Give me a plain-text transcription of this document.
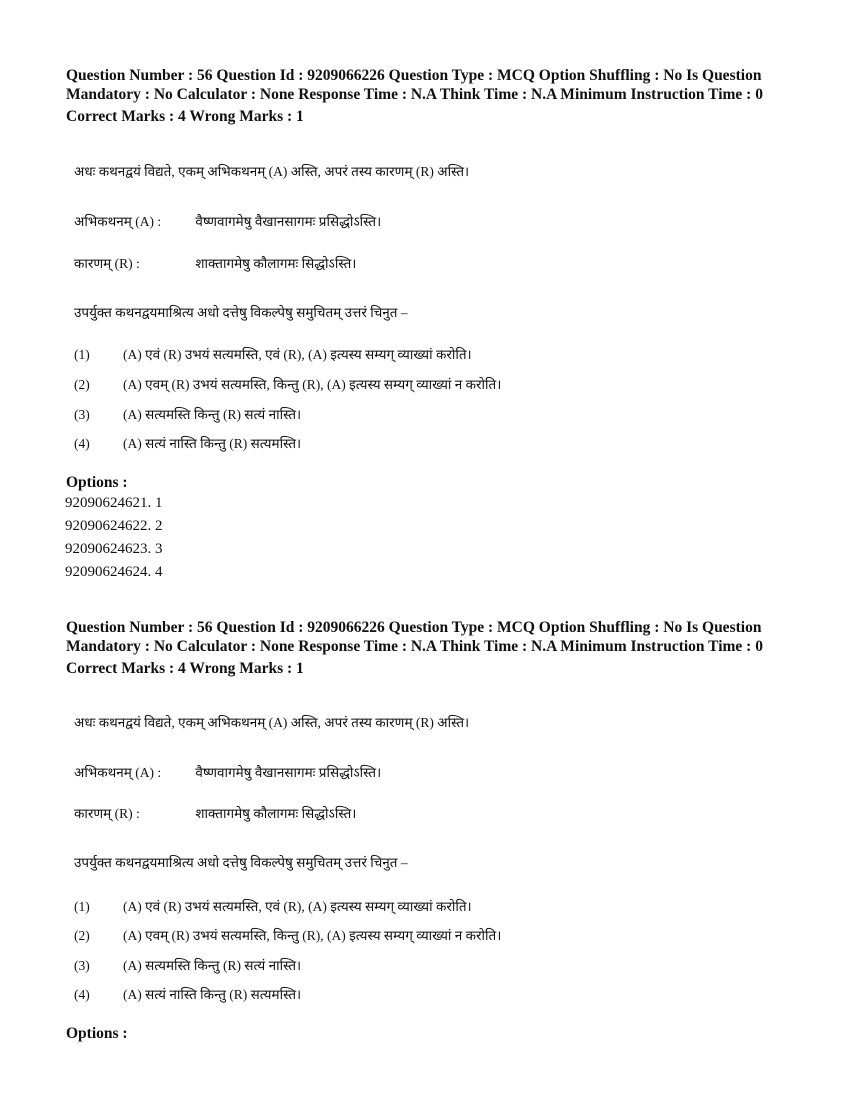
Question Number : 56 Question Id : 9209066226 Question Type : MCQ Option Shuffling : No Is Question Mandatory : No Calculator : None Response Time : N.A Think Time : N.A Minimum Instruction Time : 0

Correct Marks : 4 Wrong Marks : 1
अधः कथनद्वयं विद्यते, एकम् अभिकथनम् (A) अस्ति, अपरं तस्य कारणम् (R) अस्ति।
अभिकथनम् (A) :	वैष्णवागमेषु वैखानसागमः प्रसिद्धोऽस्ति।
कारणम् (R) :	शाक्तागमेषु कौलागमः सिद्धोऽस्ति।
उपर्युक्त कथनद्वयमाश्रित्य अधो दत्तेषु विकल्पेषु समुचितम् उत्तरं चिनुत –
(1) (A) एवं (R) उभयं सत्यमस्ति, एवं (R), (A) इत्यस्य सम्यग् व्याख्यां करोति।
(2) (A) एवम् (R) उभयं सत्यमस्ति, किन्तु (R), (A) इत्यस्य सम्यग् व्याख्यां न करोति।
(3) (A) सत्यमस्ति किन्तु (R) सत्यं नास्ति।
(4) (A) सत्यं नास्ति किन्तु (R) सत्यमस्ति।
Options :
92090624621. 1
92090624622. 2
92090624623. 3
92090624624. 4

Question Number : 56 Question Id : 9209066226 Question Type : MCQ Option Shuffling : No Is Question Mandatory : No Calculator : None Response Time : N.A Think Time : N.A Minimum Instruction Time : 0

Correct Marks : 4 Wrong Marks : 1
अधः कथनद्वयं विद्यते, एकम् अभिकथनम् (A) अस्ति, अपरं तस्य कारणम् (R) अस्ति।
अभिकथनम् (A) :	वैष्णवागमेषु वैखानसागमः प्रसिद्धोऽस्ति।
कारणम् (R) :	शाक्तागमेषु कौलागमः सिद्धोऽस्ति।
उपर्युक्त कथनद्वयमाश्रित्य अधो दत्तेषु विकल्पेषु समुचितम् उत्तरं चिनुत –
(1) (A) एवं (R) उभयं सत्यमस्ति, एवं (R), (A) इत्यस्य सम्यग् व्याख्यां करोति।
(2) (A) एवम् (R) उभयं सत्यमस्ति, किन्तु (R), (A) इत्यस्य सम्यग् व्याख्यां न करोति।
(3) (A) सत्यमस्ति किन्तु (R) सत्यं नास्ति।
(4) (A) सत्यं नास्ति किन्तु (R) सत्यमस्ति।
Options :
